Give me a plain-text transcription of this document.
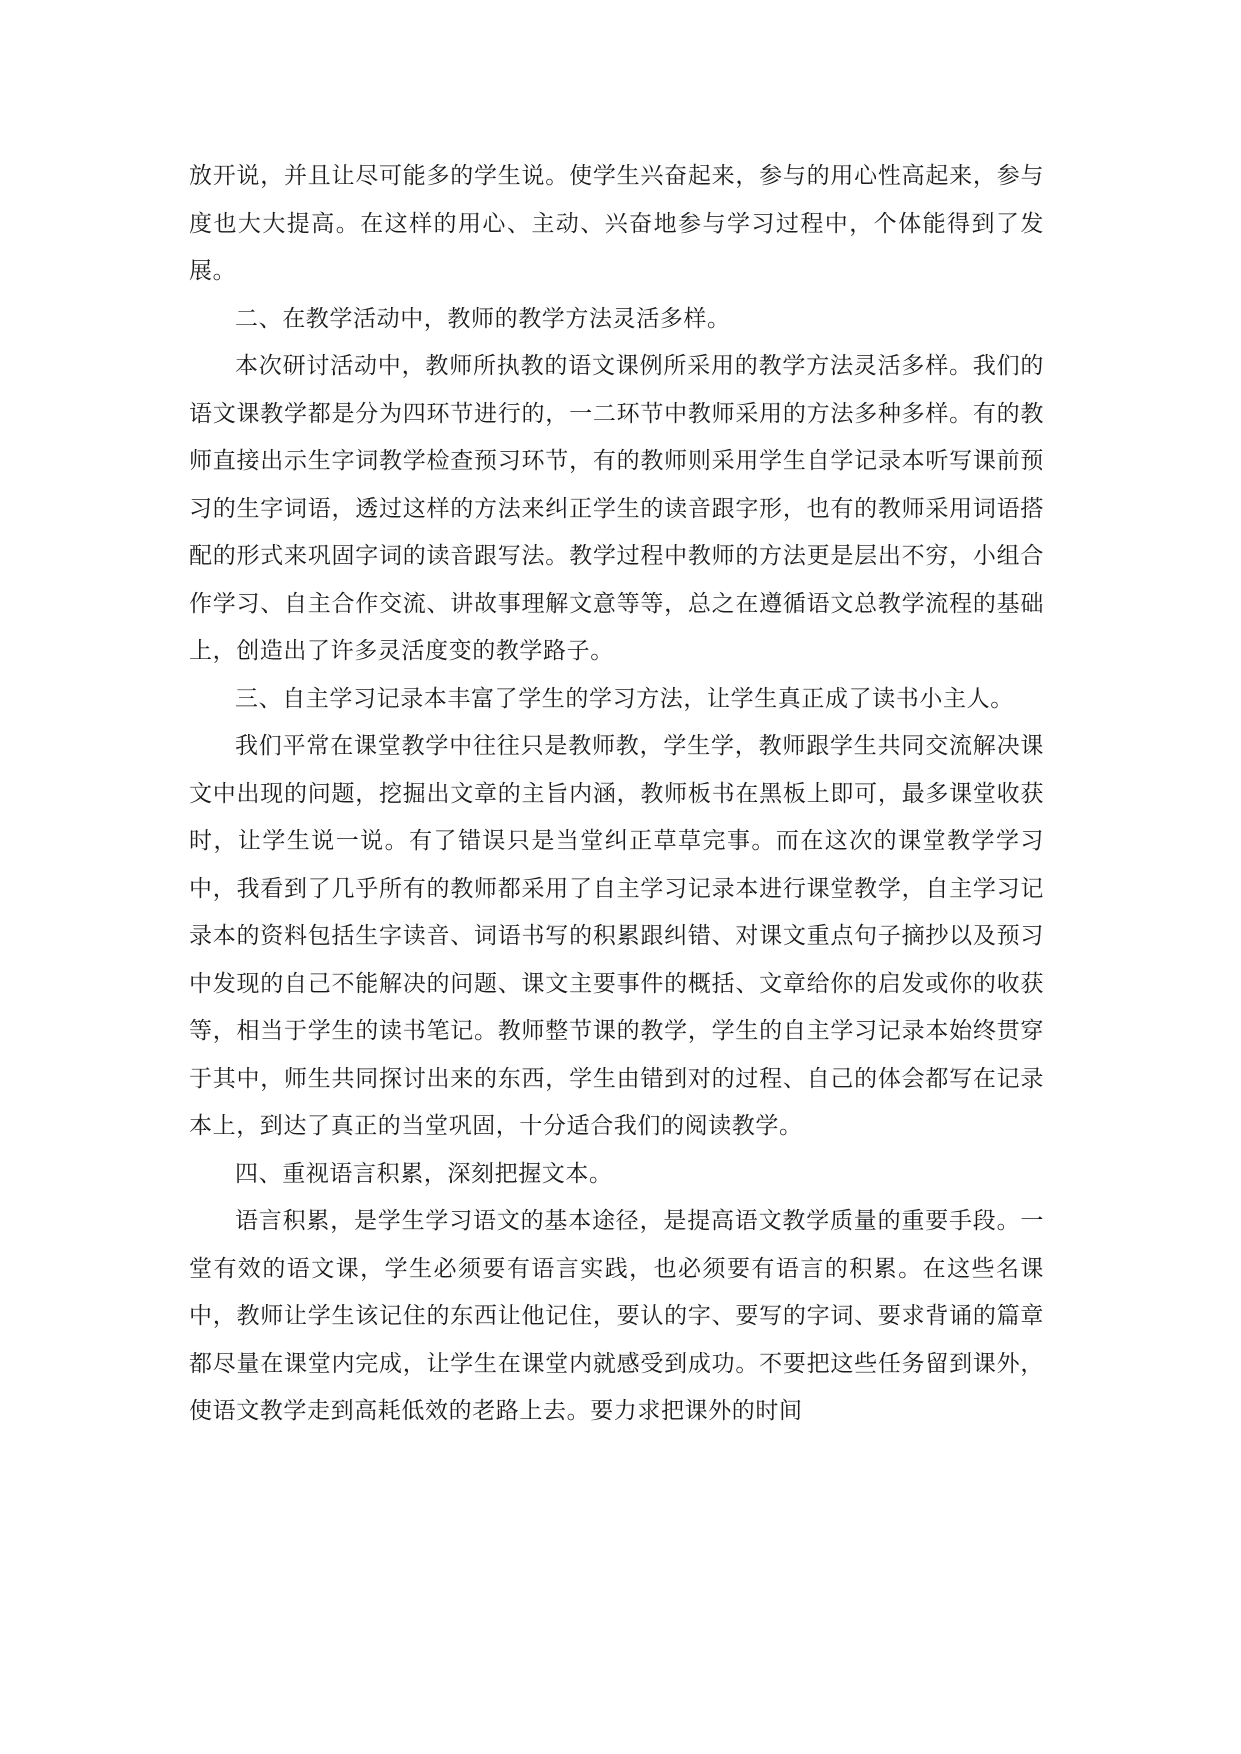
放开说，并且让尽可能多的学生说。使学生兴奋起来，参与的用心性高起来，参与度也大大提高。在这样的用心、主动、兴奋地参与学习过程中，个体能得到了发展。

二、在教学活动中，教师的教学方法灵活多样。

本次研讨活动中，教师所执教的语文课例所采用的教学方法灵活多样。我们的语文课教学都是分为四环节进行的，一二环节中教师采用的方法多种多样。有的教师直接出示生字词教学检查预习环节，有的教师则采用学生自学记录本听写课前预习的生字词语，透过这样的方法来纠正学生的读音跟字形，也有的教师采用词语搭配的形式来巩固字词的读音跟写法。教学过程中教师的方法更是层出不穷，小组合作学习、自主合作交流、讲故事理解文意等等，总之在遵循语文总教学流程的基础上，创造出了许多灵活度变的教学路子。

三、自主学习记录本丰富了学生的学习方法，让学生真正成了读书小主人。

我们平常在课堂教学中往往只是教师教，学生学，教师跟学生共同交流解决课文中出现的问题，挖掘出文章的主旨内涵，教师板书在黑板上即可，最多课堂收获时，让学生说一说。有了错误只是当堂纠正草草完事。而在这次的课堂教学学习中，我看到了几乎所有的教师都采用了自主学习记录本进行课堂教学，自主学习记录本的资料包括生字读音、词语书写的积累跟纠错、对课文重点句子摘抄以及预习中发现的自己不能解决的问题、课文主要事件的概括、文章给你的启发或你的收获等，相当于学生的读书笔记。教师整节课的教学，学生的自主学习记录本始终贯穿于其中，师生共同探讨出来的东西，学生由错到对的过程、自己的体会都写在记录本上，到达了真正的当堂巩固，十分适合我们的阅读教学。

四、重视语言积累，深刻把握文本。

语言积累，是学生学习语文的基本途径，是提高语文教学质量的重要手段。一堂有效的语文课，学生必须要有语言实践，也必须要有语言的积累。在这些名课中，教师让学生该记住的东西让他记住，要认的字、要写的字词、要求背诵的篇章都尽量在课堂内完成，让学生在课堂内就感受到成功。不要把这些任务留到课外，使语文教学走到高耗低效的老路上去。要力求把课外的时间
